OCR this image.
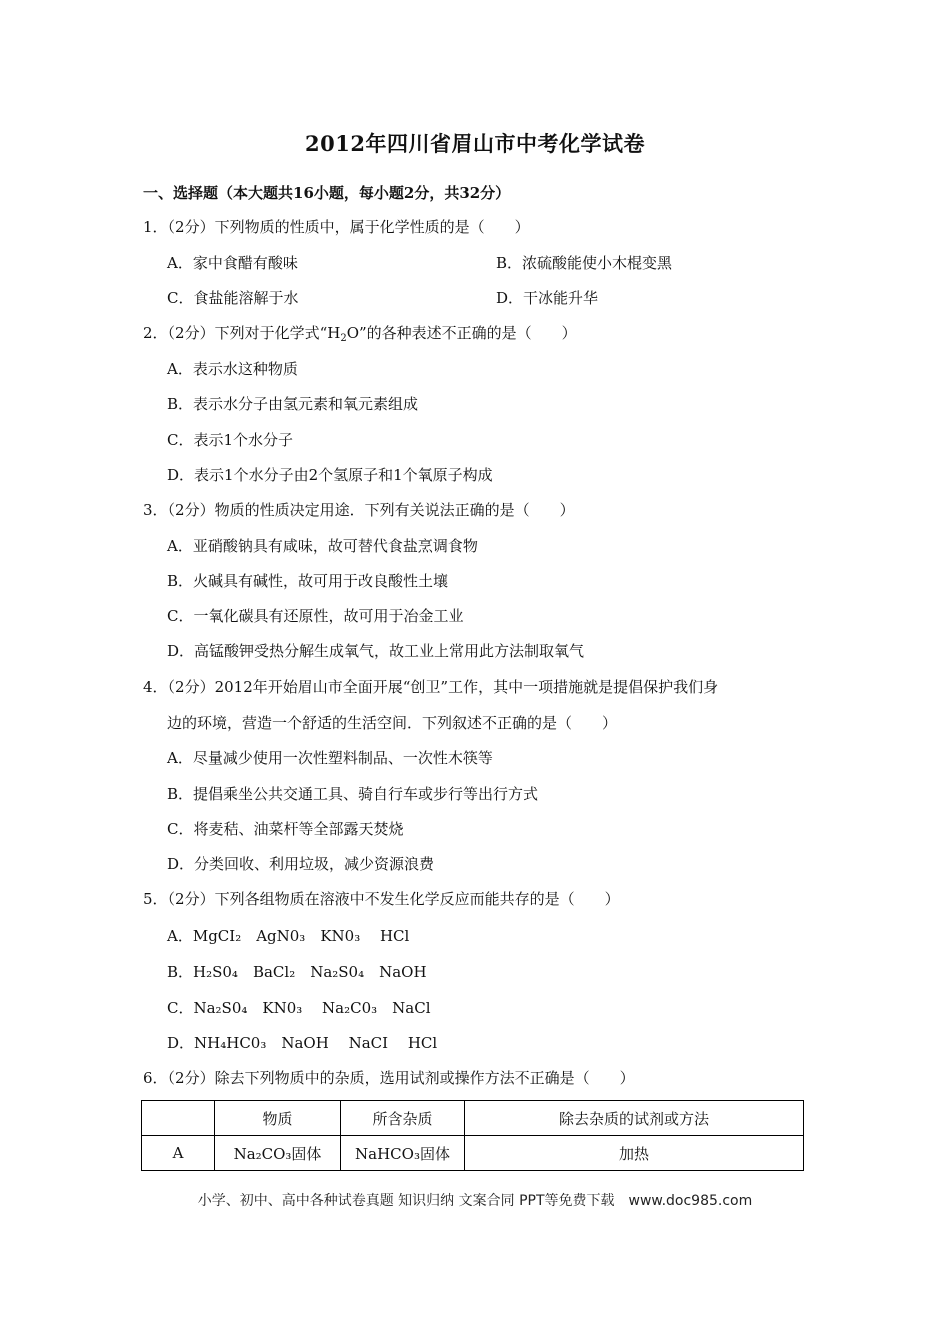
2012年四川省眉山市中考化学试卷
一、选择题（本大题共16小题，每小题2分，共32分）
1．（2分）下列物质的性质中，属于化学性质的是（　　）
A．家中食醋有酸味	B．浓硫酸能使小木棍变黑
C．食盐能溶解于水	D．干冰能升华
2．（2分）下列对于化学式“$H_2O$”的各种表述不正确的是（　　）
A．表示水这种物质
B．表示水分子由氢元素和氧元素组成
C．表示1个水分子
D．表示1个水分子由2个氢原子和1个氧原子构成
3．（2分）物质的性质决定用途．下列有关说法正确的是（　　）
A．亚硝酸钠具有咸味，故可替代食盐烹调食物
B．火碱具有碱性，故可用于改良酸性土壤
C．一氧化碳具有还原性，故可用于冶金工业
D．高锰酸钾受热分解生成氧气，故工业上常用此方法制取氧气
4．（2分）2012年开始眉山市全面开展“创卫”工作，其中一项措施就是提倡保护我们身
边的环境，营造一个舒适的生活空间．下列叙述不正确的是（　　）
A．尽量减少使用一次性塑料制品、一次性木筷等
B．提倡乘坐公共交通工具、骑自行车或步行等出行方式
C．将麦秸、油菜杆等全部露天焚烧
D．分类回收、利用垃圾，减少资源浪费
5．（2分）下列各组物质在溶液中不发生化学反应而能共存的是（　　）
A．MgCI₂　AgN0₃　KN0₃　 HCl
B．H₂S0₄　BaCl₂　Na₂S0₄　NaOH
C．Na₂S0₄　KN0₃　 Na₂C0₃　NaCl
D．NH₄HC0₃　NaOH　 NaCI　 HCl
6．（2分）除去下列物质中的杂质，选用试剂或操作方法不正确是（　　）
	物质	所含杂质	除去杂质的试剂或方法
A	Na₂CO₃固体	NaHCO₃固体	加热
小学、初中、高中各种试卷真题 知识归纳 文案合同 PPT等免费下载　www.doc985.com
